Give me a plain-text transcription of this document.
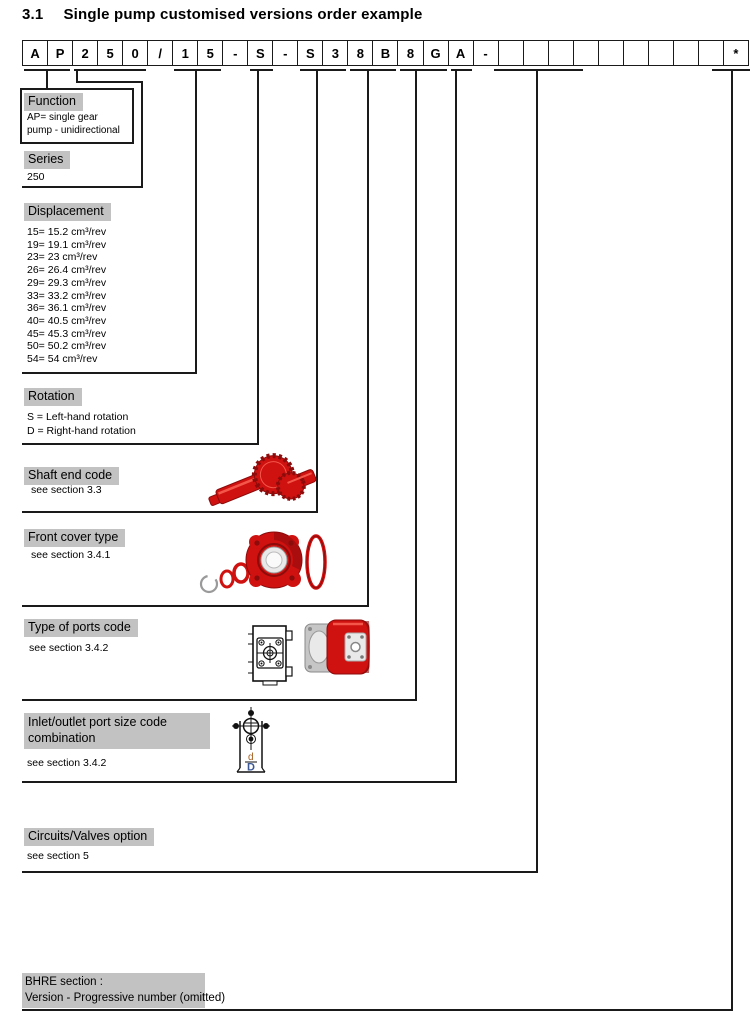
3.1 Single pump customised versions order example
A	P	2	5	0	/	1	5	-	S	-	S	3	8	B	8	G	A	-	*
Function
AP= single gear
pump - unidirectional
Series
250
Displacement
15= 15.2 cm³/rev
19= 19.1 cm³/rev
23= 23 cm³/rev
26= 26.4 cm³/rev
29= 29.3 cm³/rev
33= 33.2 cm³/rev
36= 36.1 cm³/rev
40= 40.5 cm³/rev
45= 45.3 cm³/rev
50= 50.2 cm³/rev
54= 54 cm³/rev
Rotation
S = Left-hand rotation
D = Right-hand rotation
Shaft end code
see section 3.3
Front cover type
see section 3.4.1
Type of ports code
see section 3.4.2
Inlet/outlet port size code
combination
see section 3.4.2	d
D
Circuits/Valves option
see section 5
BHRE section :
Version - Progressive number (omitted)
